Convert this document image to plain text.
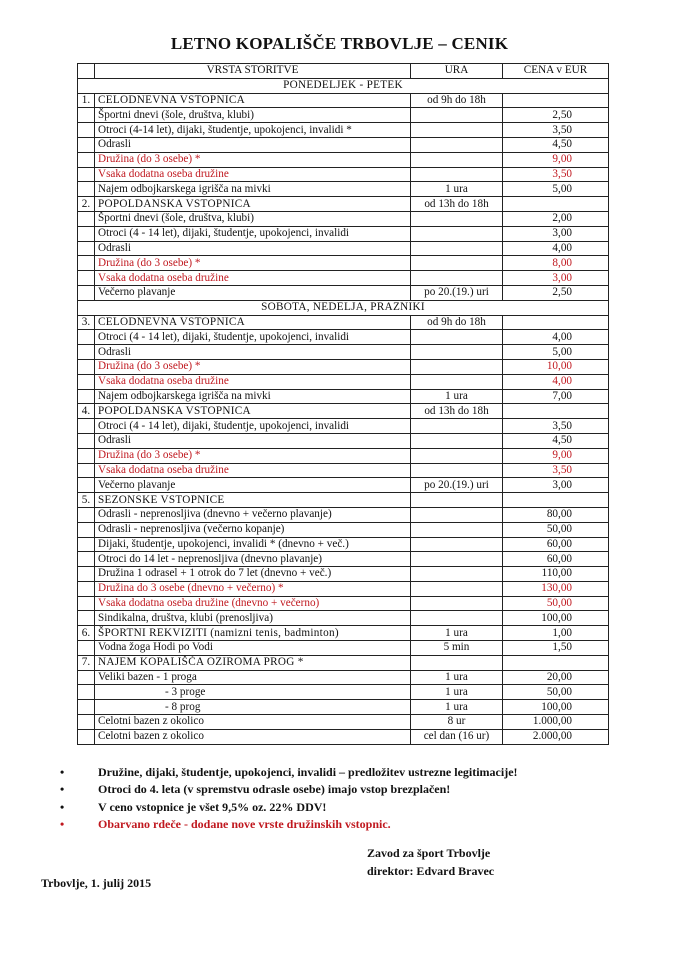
LETNO KOPALIŠČE TRBOVLJE – CENIK
	VRSTA STORITVE	URA	CENA v EUR
PONEDELJEK - PETEK			
1.	CELODNEVNA VSTOPNICA	od 9h do 18h	
	Športni dnevi (šole, društva, klubi)		2,50
	Otroci (4-14 let), dijaki, študentje, upokojenci, invalidi *		3,50
	Odrasli		4,50
	Družina (do 3 osebe) *		9,00
	Vsaka dodatna oseba družine		3,50
	Najem odbojkarskega igrišča na mivki	1 ura	5,00
2.	POPOLDANSKA VSTOPNICA	od 13h do 18h	
	Športni dnevi (šole, društva, klubi)		2,00
	Otroci (4 - 14 let), dijaki, študentje, upokojenci, invalidi		3,00
	Odrasli		4,00
	Družina (do 3 osebe) *		8,00
	Vsaka dodatna oseba družine		3,00
	Večerno plavanje	po 20.(19.) uri	2,50
SOBOTA, NEDELJA, PRAZNIKI			
3.	CELODNEVNA VSTOPNICA	od 9h do 18h	
	Otroci (4 - 14 let), dijaki, študentje, upokojenci, invalidi		4,00
	Odrasli		5,00
	Družina (do 3 osebe) *		10,00
	Vsaka dodatna oseba družine		4,00
	Najem odbojkarskega igrišča na mivki	1 ura	7,00
4.	POPOLDANSKA VSTOPNICA	od 13h do 18h	
	Otroci (4 - 14 let), dijaki, študentje, upokojenci, invalidi		3,50
	Odrasli		4,50
	Družina (do 3 osebe) *		9,00
	Vsaka dodatna oseba družine		3,50
	Večerno plavanje	po 20.(19.) uri	3,00
5.	SEZONSKE VSTOPNICE		
	Odrasli - neprenosljiva (dnevno + večerno plavanje)		80,00
	Odrasli - neprenosljiva (večerno kopanje)		50,00
	Dijaki, študentje, upokojenci, invalidi * (dnevno + več.)		60,00
	Otroci do 14 let - neprenosljiva (dnevno plavanje)		60,00
	Družina 1 odrasel + 1 otrok do 7 let (dnevno + več.)		110,00
	Družina do 3 osebe (dnevno + večerno) *		130,00
	Vsaka dodatna oseba družine (dnevno + večerno)		50,00
	Sindikalna, društva, klubi (prenosljiva)		100,00
6.	ŠPORTNI REKVIZITI (namizni tenis, badminton)	1 ura	1,00
	Vodna žoga Hodi po Vodi	5 min	1,50
7.	NAJEM KOPALIŠČA OZIROMA PROG *		
	Veliki bazen - 1 proga	1 ura	20,00
	- 3 proge	1 ura	50,00
	- 8 prog	1 ura	100,00
	Celotni bazen z okolico	8 ur	1.000,00
	Celotni bazen z okolico	cel dan (16 ur)	2.000,00
•	Družine, dijaki, študentje, upokojenci, invalidi – predložitev ustrezne legitimacije!
•	Otroci do 4. leta (v spremstvu odrasle osebe) imajo vstop brezplačen!
•	V ceno vstopnice je všet 9,5% oz. 22% DDV!
•	Obarvano rdeče - dodane nove vrste družinskih vstopnic.
Zavod za šport Trbovlje
direktor: Edvard Bravec
Trbovlje, 1. julij 2015
